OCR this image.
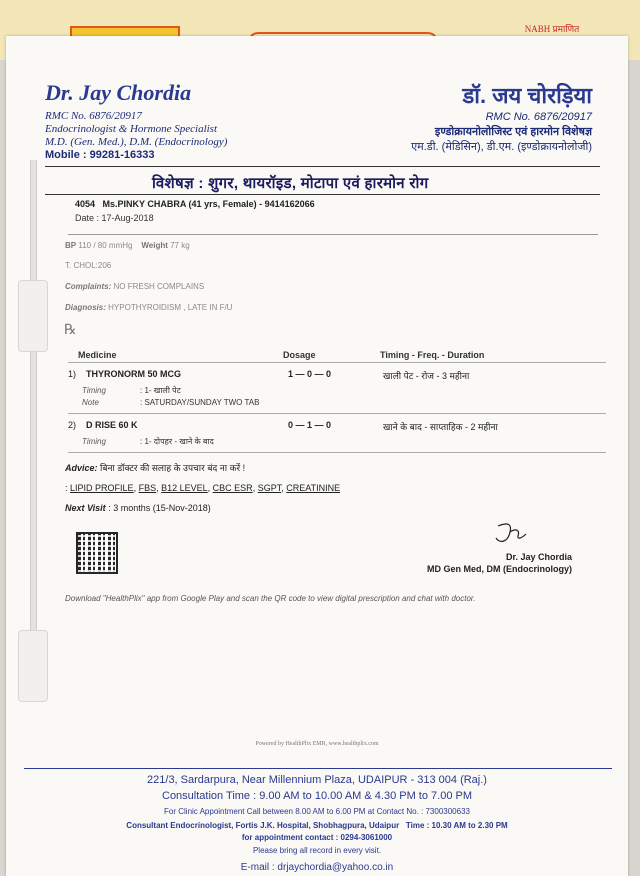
NABH प्रमाणित
Dr. Jay Chordia
RMC No. 6876/20917
Endocrinologist & Hormone Specialist
M.D. (Gen. Med.), D.M. (Endocrinology)
Mobile : 99281-16333
डॉ. जय चोरड़िया
RMC No. 6876/20917
इण्डोक्रायनोलोजिस्ट एवं हारमोन विशेषज्ञ
एम.डी. (मेडिसिन), डी.एम. (इण्डोक्रायनोलोजी)
विशेषज्ञ : शुगर, थायरॉइड, मोटापा एवं हारमोन रोग
4054 Ms.PINKY CHABRA (41 yrs, Female) - 9414162066
Date : 17-Aug-2018
BP 110 / 80 mmHg Weight 77 kg
T. CHOL:206
Complaints: NO FRESH COMPLAINS
Diagnosis: HYPOTHYROIDISM , LATE IN F/U
℞
Medicine	Dosage	Timing - Freq. - Duration
1) THYRONORM 50 MCG	1 — 0 — 0	खाली पेट - रोज - 3 महीना
Timing	: 1- खाली पेट
Note	: SATURDAY/SUNDAY TWO TAB
2) D RISE 60 K	0 — 1 — 0	खाने के बाद - साप्ताहिक - 2 महीना
Timing	: 1- दोपहर - खाने के बाद
Advice: बिना डॉक्टर की सलाह के उपचार बंद ना करें !
: LIPID PROFILE, FBS, B12 LEVEL, CBC ESR, SGPT, CREATININE
Next Visit : 3 months (15-Nov-2018)
Dr. Jay Chordia
MD Gen Med, DM (Endocrinology)
Download "HealthPlix" app from Google Play and scan the QR code to view digital prescription and chat with doctor.
Powered by HealthPlix EMR, www.healthplix.com
221/3, Sardarpura, Near Millennium Plaza, UDAIPUR - 313 004 (Raj.)
Consultation Time : 9.00 AM to 10.00 AM & 4.30 PM to 7.00 PM
For Clinic Appointment Call between 8.00 AM to 6.00 PM at Contact No. : 7300300633
Consultant Endocrinologist, Fortis J.K. Hospital, Shobhagpura, Udaipur Time : 10.30 AM to 2.30 PM
for appointment contact : 0294-3061000
Please bring all record in every visit.
E-mail : drjaychordia@yahoo.co.in
